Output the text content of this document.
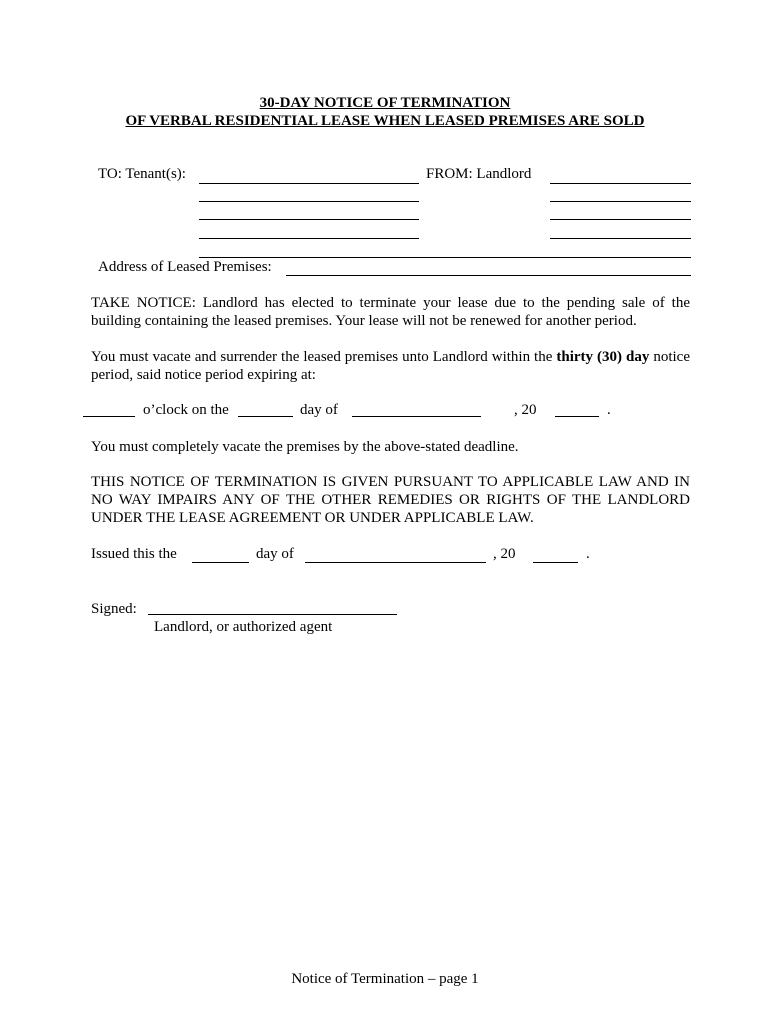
30-DAY NOTICE OF TERMINATION
OF VERBAL RESIDENTIAL LEASE WHEN LEASED PREMISES ARE SOLD
TO: Tenant(s):	FROM: Landlord
Address of Leased Premises:
TAKE NOTICE: Landlord has elected to terminate your lease due to the pending sale of the building containing the leased premises. Your lease will not be renewed for another period.
You must vacate and surrender the leased premises unto Landlord within the thirty (30) day notice period, said notice period expiring at:
o’clock on the	day of	, 20	.
You must completely vacate the premises by the above-stated deadline.
THIS NOTICE OF TERMINATION IS GIVEN PURSUANT TO APPLICABLE LAW AND IN NO WAY IMPAIRS ANY OF THE OTHER REMEDIES OR RIGHTS OF THE LANDLORD UNDER THE LEASE AGREEMENT OR UNDER APPLICABLE LAW.
Issued this the	day of	, 20	.
Signed:
Landlord, or authorized agent
Notice of Termination – page 1
